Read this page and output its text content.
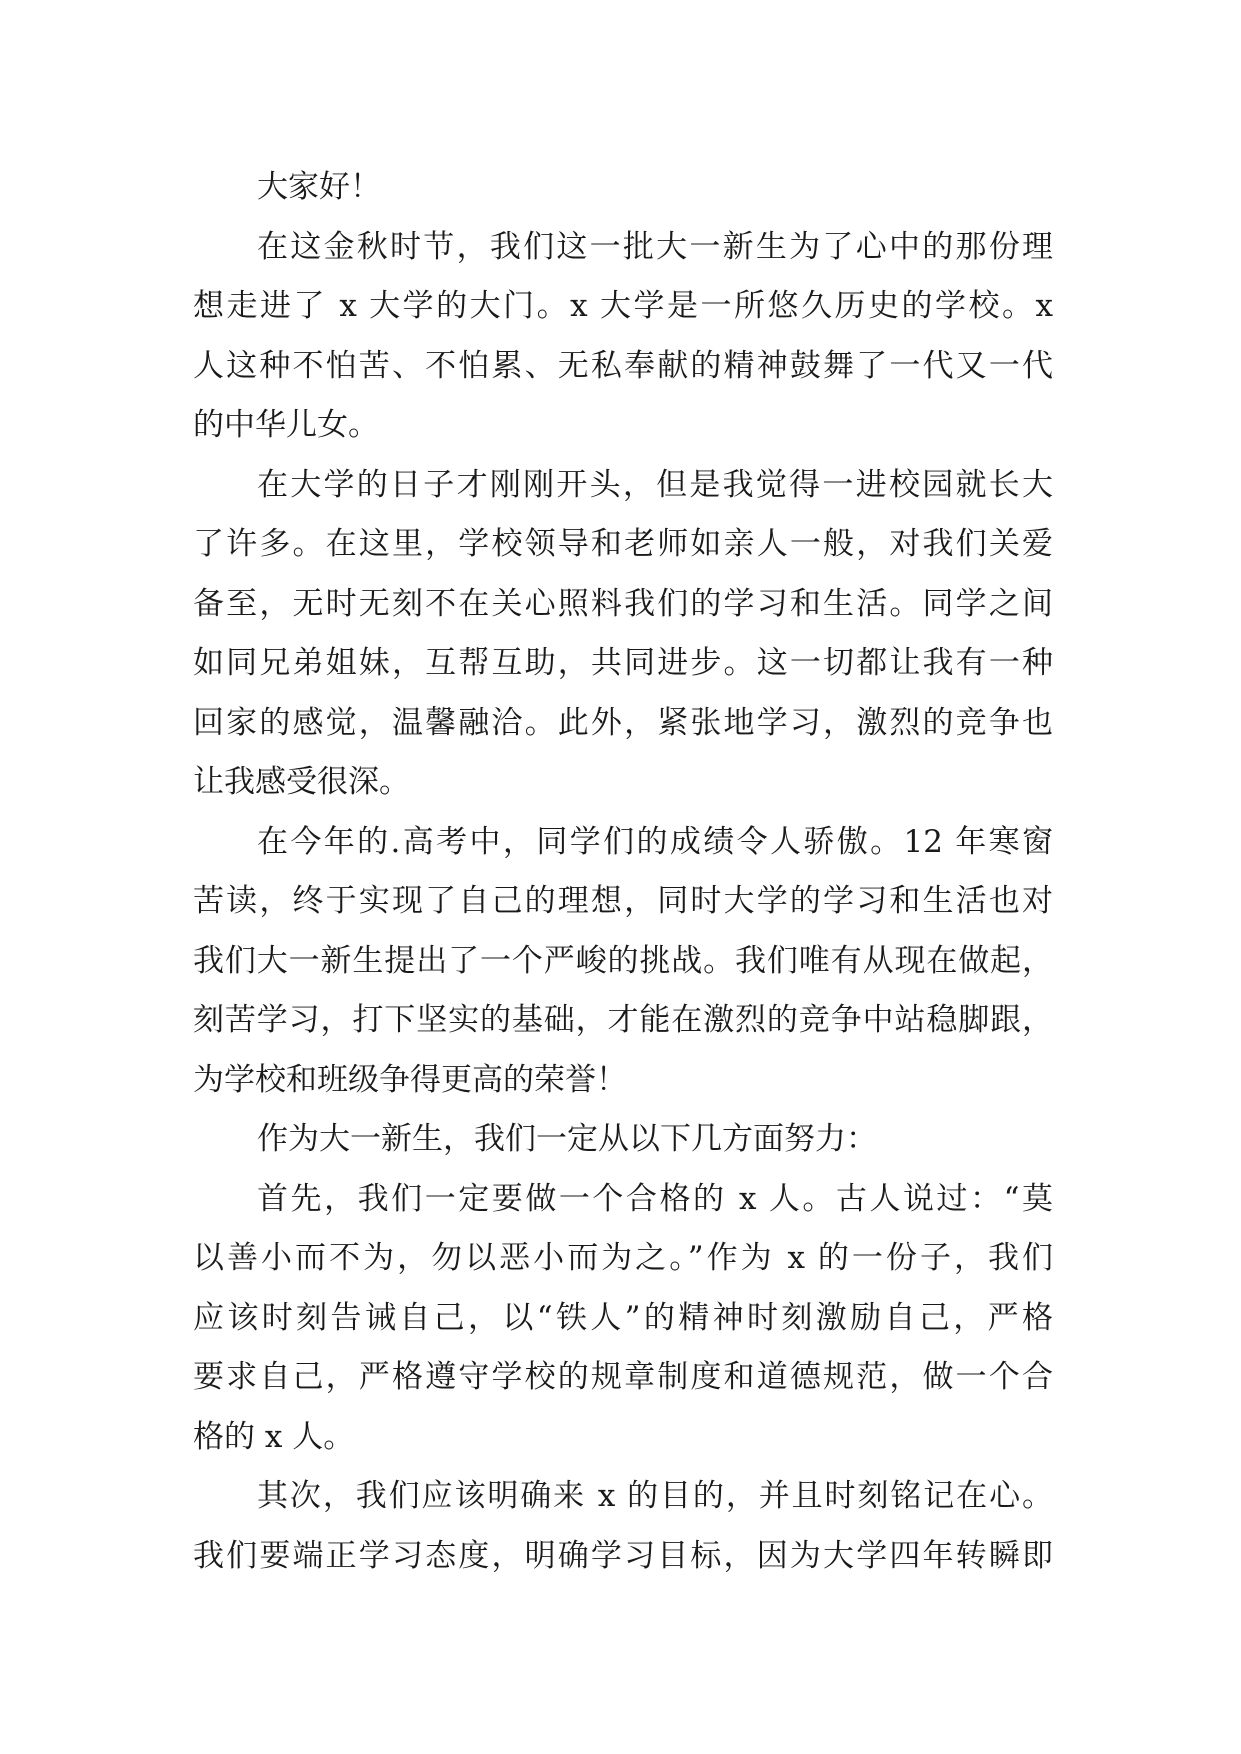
大家好！
在这金秋时节，我们这一批大一新生为了心中的那份理
想走进了 x 大学的大门。x 大学是一所悠久历史的学校。x
人这种不怕苦、不怕累、无私奉献的精神鼓舞了一代又一代
的中华儿女。
在大学的日子才刚刚开头，但是我觉得一进校园就长大
了许多。在这里，学校领导和老师如亲人一般，对我们关爱
备至，无时无刻不在关心照料我们的学习和生活。同学之间
如同兄弟姐妹，互帮互助，共同进步。这一切都让我有一种
回家的感觉，温馨融洽。此外，紧张地学习，激烈的竞争也
让我感受很深。
在今年的.高考中，同学们的成绩令人骄傲。12 年寒窗
苦读，终于实现了自己的理想，同时大学的学习和生活也对
我们大一新生提出了一个严峻的挑战。我们唯有从现在做起，
刻苦学习，打下坚实的基础，才能在激烈的竞争中站稳脚跟，
为学校和班级争得更高的荣誉！
作为大一新生，我们一定从以下几方面努力：
首先，我们一定要做一个合格的 x 人。古人说过：“莫
以善小而不为，勿以恶小而为之。”作为 x 的一份子，我们
应该时刻告诫自己，以“铁人”的精神时刻激励自己，严格
要求自己，严格遵守学校的规章制度和道德规范，做一个合
格的 x 人。
其次，我们应该明确来 x 的目的，并且时刻铭记在心。
我们要端正学习态度，明确学习目标，因为大学四年转瞬即
